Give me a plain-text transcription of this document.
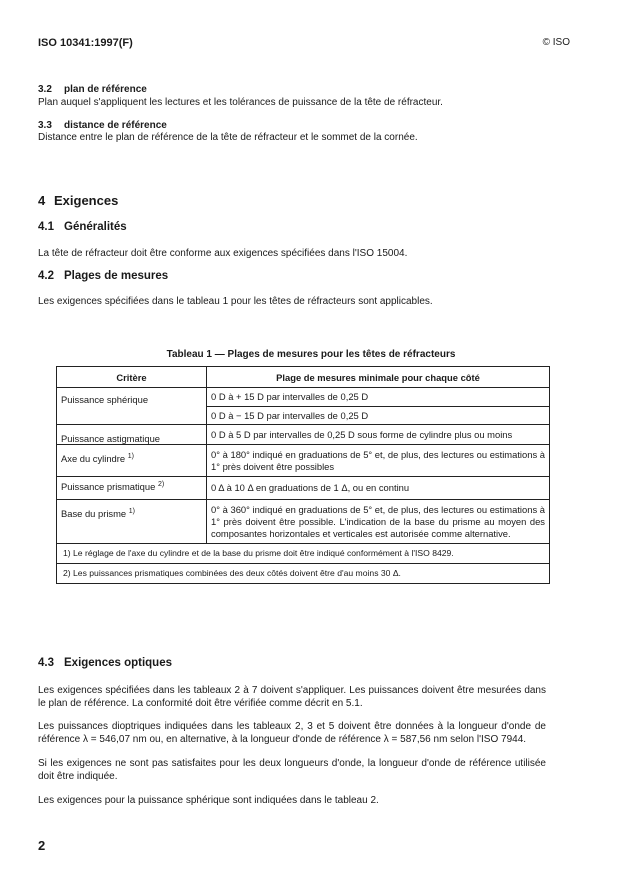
ISO 10341:1997(F)	© ISO
3.2 plan de référence
Plan auquel s'appliquent les lectures et les tolérances de puissance de la tête de réfracteur.
3.3 distance de référence
Distance entre le plan de référence de la tête de réfracteur et le sommet de la cornée.
4 Exigences
4.1 Généralités
La tête de réfracteur doit être conforme aux exigences spécifiées dans l'ISO 15004.
4.2 Plages de mesures
Les exigences spécifiées dans le tableau 1 pour les têtes de réfracteurs sont applicables.
Tableau 1 — Plages de mesures pour les têtes de réfracteurs
Critère	Plage de mesures minimale pour chaque côté
Puissance sphérique	0 D à + 15 D par intervalles de 0,25 D
0 D à − 15 D par intervalles de 0,25 D

Puissance astigmatique	0 D à 5 D par intervalles de 0,25 D sous forme de cylindre plus ou moins
Axe du cylindre $^{1)}$	0° à 180° indiqué en graduations de 5° et, de plus, des lectures ou estimations à 1° près doivent être possibles
Puissance prismatique $^{2)}$	0 Δ à 10 Δ en graduations de 1 Δ, ou en continu
Base du prisme $^{1)}$	0° à 360° indiqué en graduations de 5° et, de plus, des lectures ou estimations à 1° près doivent être possible. L'indication de la base du prisme au moyen des composantes horizontales et verticales est autorisée comme alternative.
1) Le réglage de l'axe du cylindre et de la base du prisme doit être indiqué conformément à l'ISO 8429.	
2) Les puissances prismatiques combinées des deux côtés doivent être d'au moins 30 Δ.	
4.3 Exigences optiques
Les exigences spécifiées dans les tableaux 2 à 7 doivent s'appliquer. Les puissances doivent être mesurées dans le plan de référence. La conformité doit être vérifiée comme décrit en 5.1.
Les puissances dioptriques indiquées dans les tableaux 2, 3 et 5 doivent être données à la longueur d'onde de référence λ = 546,07 nm ou, en alternative, à la longueur d'onde de référence λ = 587,56 nm selon l'ISO 7944.
Si les exigences ne sont pas satisfaites pour les deux longueurs d'onde, la longueur d'onde de référence utilisée doit être indiquée.
Les exigences pour la puissance sphérique sont indiquées dans le tableau 2.
2
